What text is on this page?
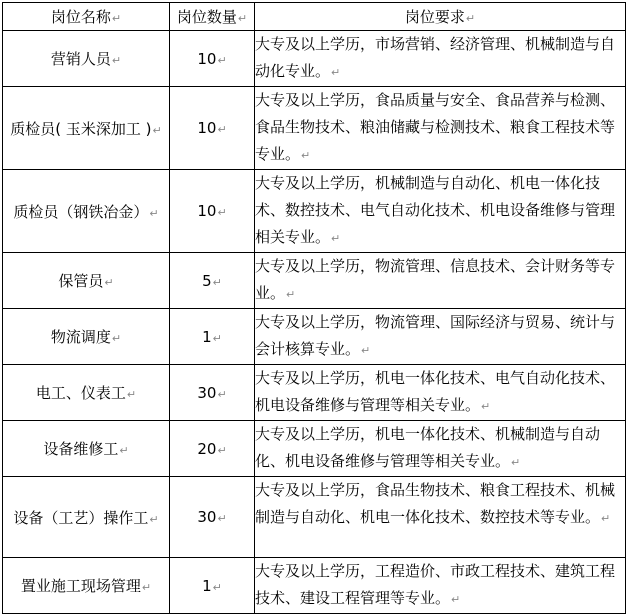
岗位名称↵	岗位数量↵	岗位要求↵
营销人员↵	10↵	大专及以上学历，市场营销、经济管理、机械制造与自动化专业。↵
质检员( 玉米深加工 )↵	10↵	大专及以上学历，食品质量与安全、食品营养与检测、食品生物技术、粮油储藏与检测技术、粮食工程技术等专业。↵
质检员（钢铁冶金）↵	10↵	大专及以上学历，机械制造与自动化、机电一体化技术、数控技术、电气自动化技术、机电设备维修与管理相关专业。↵
保管员↵	5↵	大专及以上学历，物流管理、信息技术、会计财务等专业。↵
物流调度↵	1↵	大专及以上学历，物流管理、国际经济与贸易、统计与会计核算专业。↵
电工、仪表工↵	30↵	大专及以上学历，机电一体化技术、电气自动化技术、机电设备维修与管理等相关专业。↵
设备维修工↵	20↵	大专及以上学历，机电一体化技术、机械制造与自动化、机电设备维修与管理等相关专业。↵
设备（工艺）操作工↵	30↵	大专及以上学历，食品生物技术、粮食工程技术、机械制造与自动化、机电一体化技术、数控技术等专业。↵
置业施工现场管理↵	1↵	大专及以上学历，工程造价、市政工程技术、建筑工程技术、建设工程管理等专业。↵
